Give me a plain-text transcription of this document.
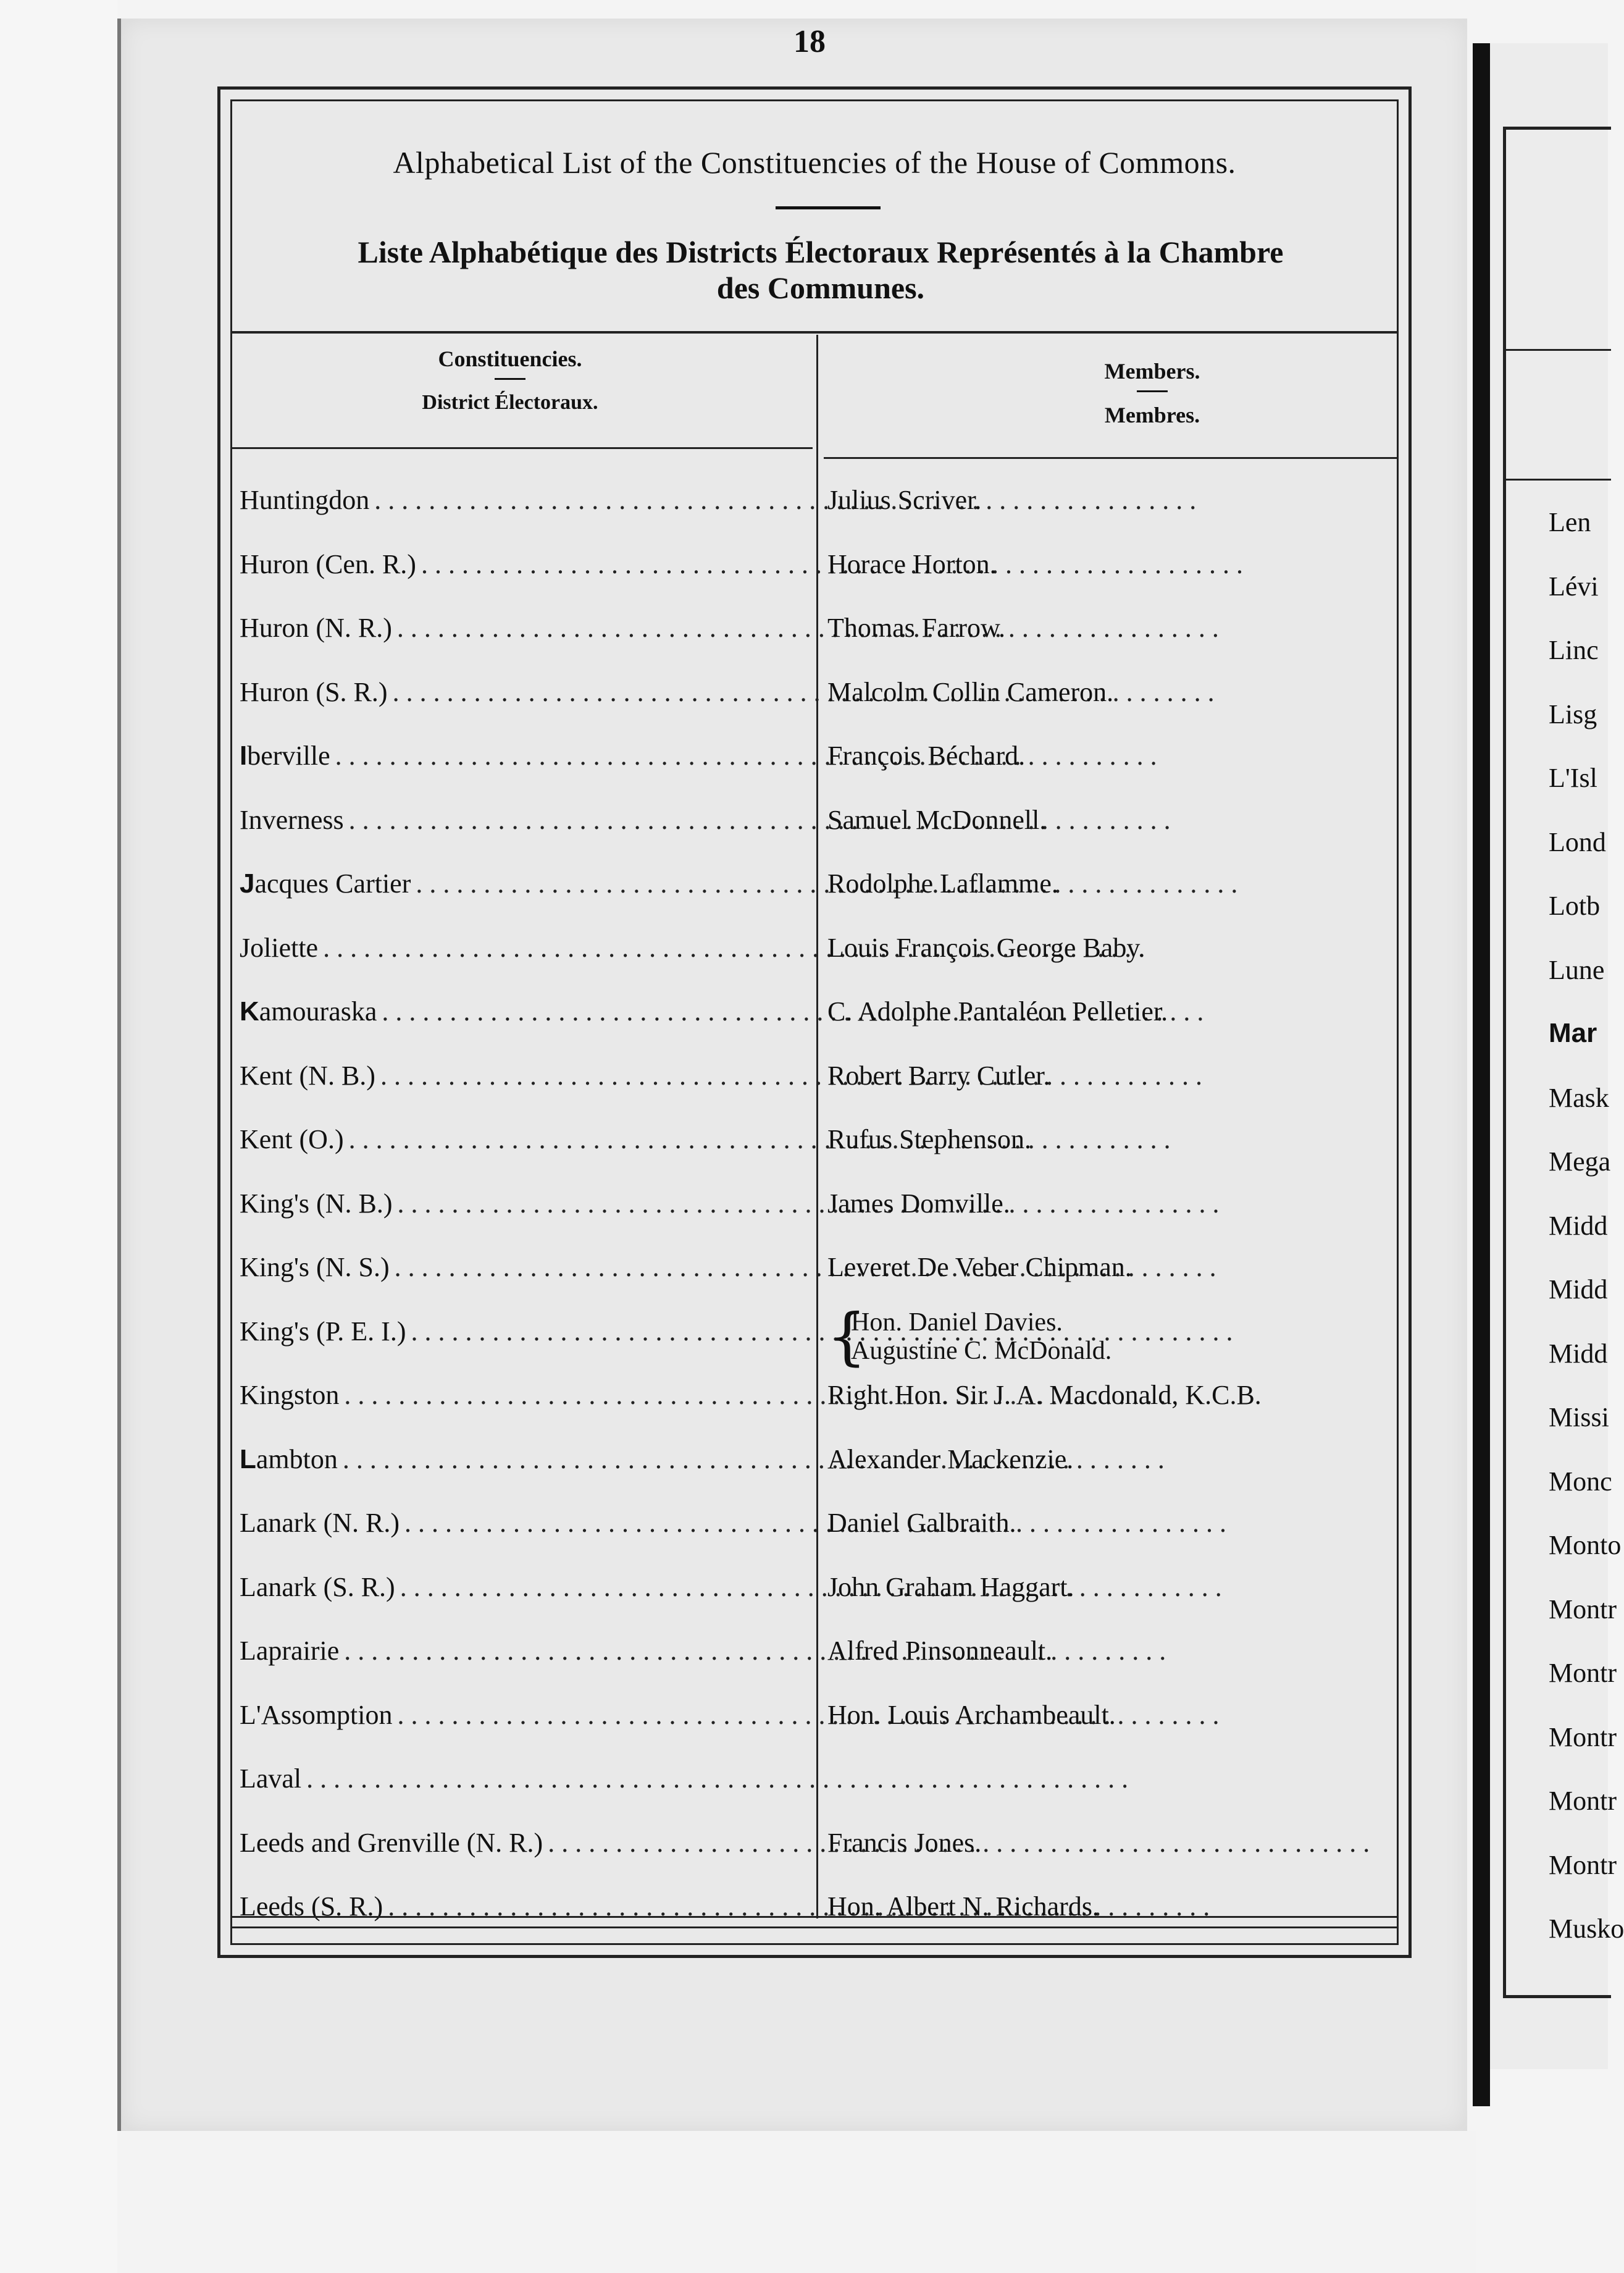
18
Alphabetical List of the Constituencies of the House of Commons.
Liste Alphabétique des Districts Électoraux Représentés à la Chambre
des Communes.
Constituencies.
District Électoraux.
Members.
Membres.
Huntingdon . . .	Julius Scriver.
Huron (Cen. R.) . . .	Horace Horton.
Huron (N. R.) . . .	Thomas Farrow.
Huron (S. R.) . . .	Malcolm Collin Cameron.
Iberville . . .	François Béchard.
Inverness . . .	Samuel McDonnell.
Jacques Cartier . . .	Rodolphe Laflamme.
Joliette . . .	Louis François George Baby.
Kamouraska . . .	C. Adolphe Pantaléon Pelletier.
Kent (N. B.) . . .	Robert Barry Cutler.
Kent (O.) . . .	Rufus Stephenson.
King's (N. B.) . . .	James Domville.
King's (N. S.) . . .	Leveret De Veber Chipman.
King's (P. E. I.) . . .	{
Hon. Daniel Davies.
Augustine C. McDonald.
Kingston . . .	Right Hon. Sir J. A. Macdonald, K.C.B.
Lambton . . .	Alexander Mackenzie.
Lanark (N. R.) . . .	Daniel Galbraith.
Lanark (S. R.) . . .	John Graham Haggart.
Laprairie . . .	Alfred Pinsonneault.
L'Assomption . . .	Hon. Louis Archambeault.
Laval
. . .
Leeds and Grenville (N. R.) . . .	Francis Jones.
Leeds (S. R.) . . .	Hon. Albert N. Richards.
Len
Lévi
Linc
Lisg
L'Isl
Lond
Lotb
Lune
Mar
Mask
Mega
Midd
Midd
Midd
Missi
Monc
Monto
Montr
Montr
Montr
Montr
Montr
Musko
